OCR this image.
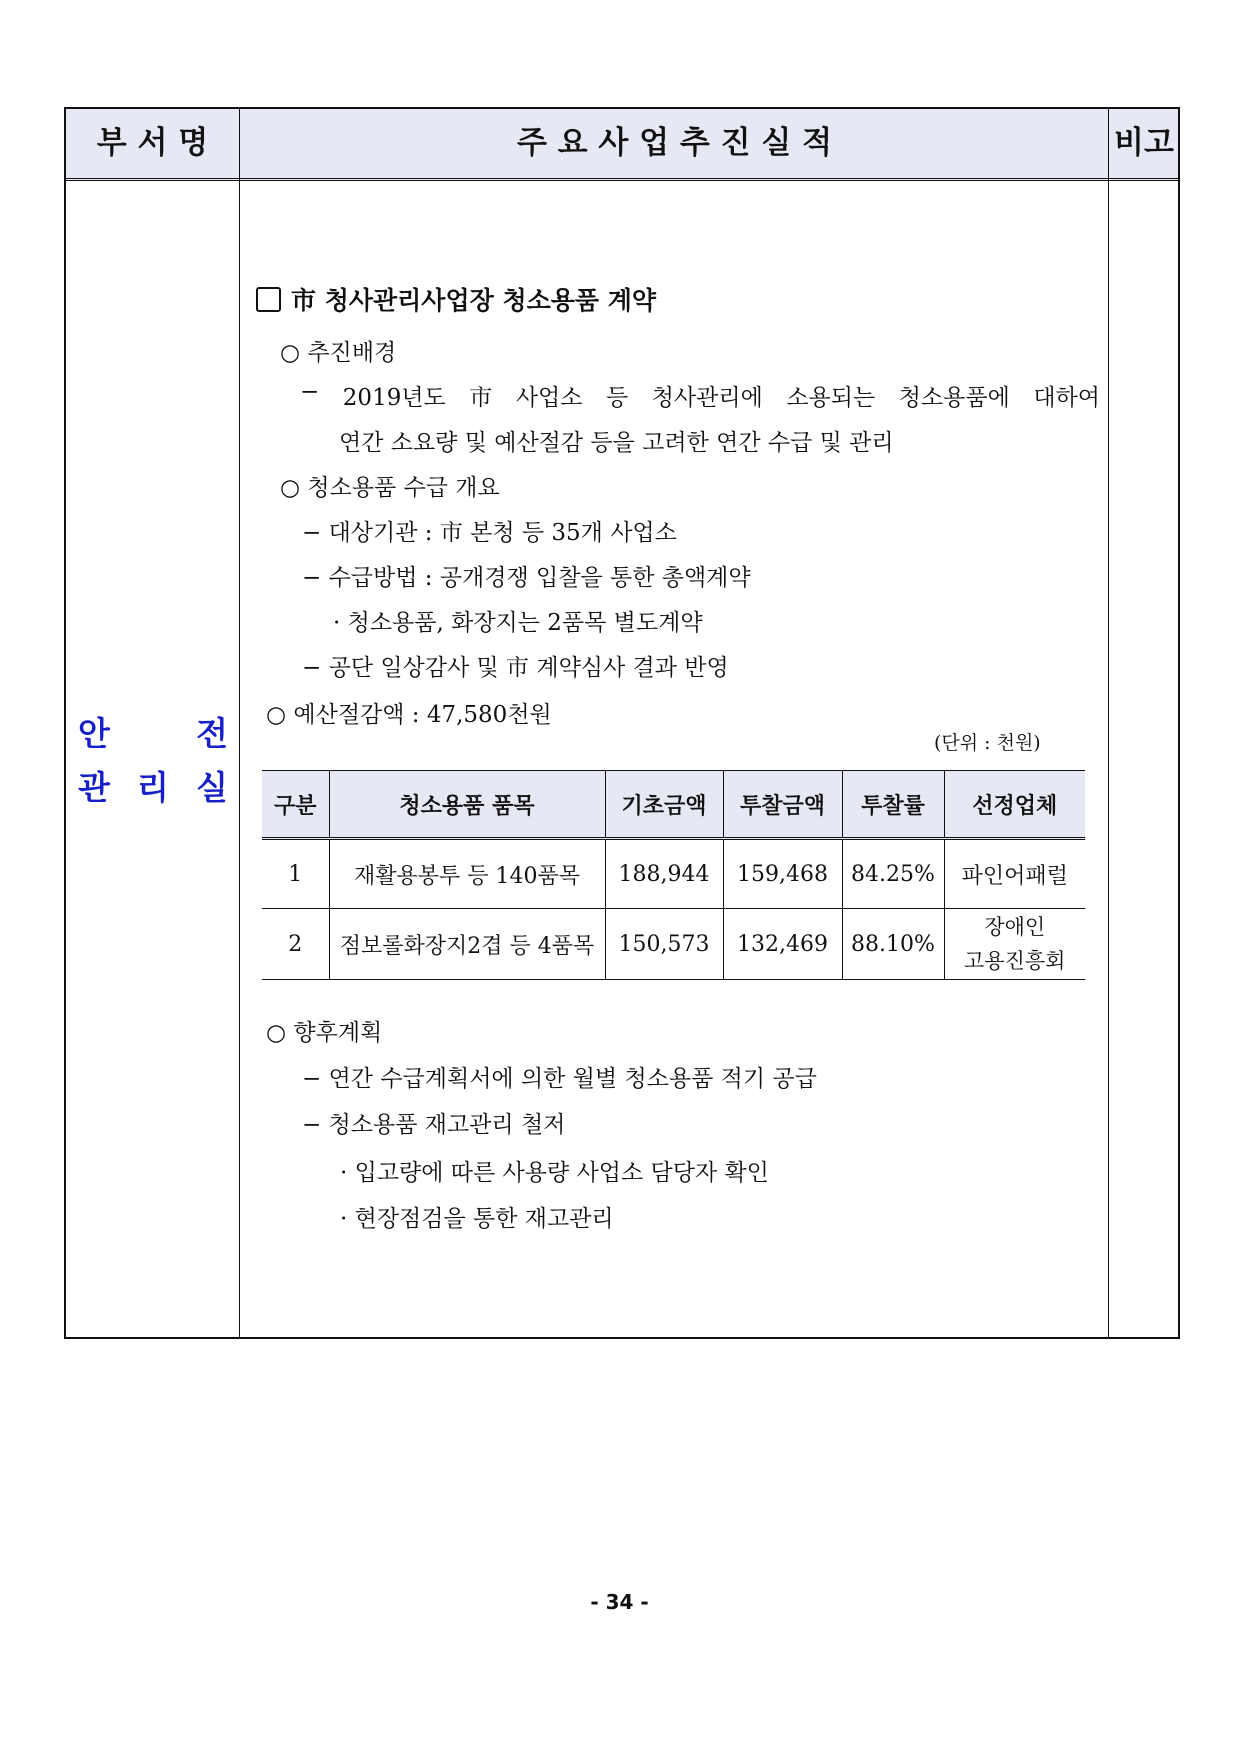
부 서 명	주 요 사 업 추 진 실 적	비고
안	전
관 리 실
市 청사관리사업장 청소용품 계약
○ 추진배경
− 2019년도 市 사업소 등 청사관리에 소용되는 청소용품에 대하여
연간 소요량 및 예산절감 등을 고려한 연간 수급 및 관리
○ 청소용품 수급 개요
− 대상기관 : 市 본청 등 35개 사업소
− 수급방법 : 공개경쟁 입찰을 통한 총액계약
· 청소용품, 화장지는 2품목 별도계약
− 공단 일상감사 및 市 계약심사 결과 반영
○ 예산절감액 : 47,580천원
(단위 : 천원)
구분	청소용품 품목	기초금액	투찰금액	투찰률	선정업체
1	재활용봉투 등 140품목	188,944	159,468	84.25%	파인어패럴
2	점보롤화장지2겹 등 4품목	150,573	132,469	88.10%	장애인
고용진흥회
○ 향후계획
− 연간 수급계획서에 의한 월별 청소용품 적기 공급
− 청소용품 재고관리 철저
· 입고량에 따른 사용량 사업소 담당자 확인
· 현장점검을 통한 재고관리
- 34 -
